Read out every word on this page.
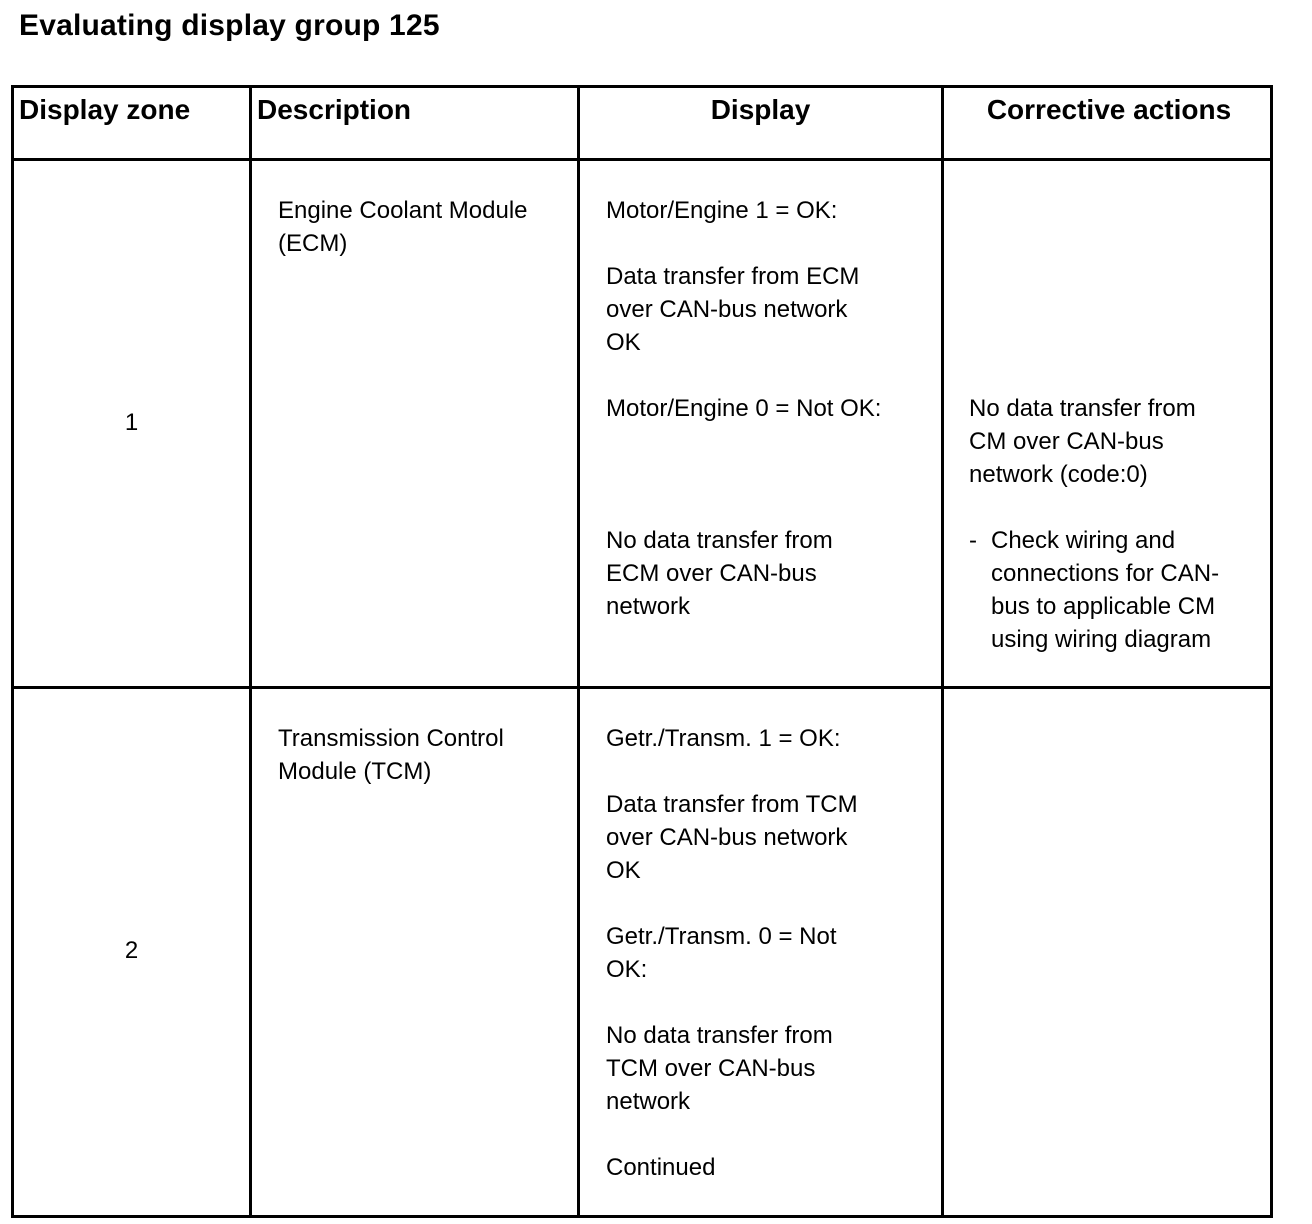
Evaluating display group 125
Display zone Description	Display	Corrective actions
1
Engine Coolant Module
(ECM)
Motor/Engine 1 = OK:
Data transfer from ECM
over CAN-bus network
OK
Motor/Engine 0 = Not OK:
No data transfer from
ECM over CAN-bus
network
No data transfer from
CM over CAN-bus
network (code:0)
- Check wiring and
connections for CAN-
bus to applicable CM
using wiring diagram
2
Transmission Control
Module (TCM)
Getr./Transm. 1 = OK:
Data transfer from TCM
over CAN-bus network
OK
Getr./Transm. 0 = Not
OK:
No data transfer from
TCM over CAN-bus
network
Continued
